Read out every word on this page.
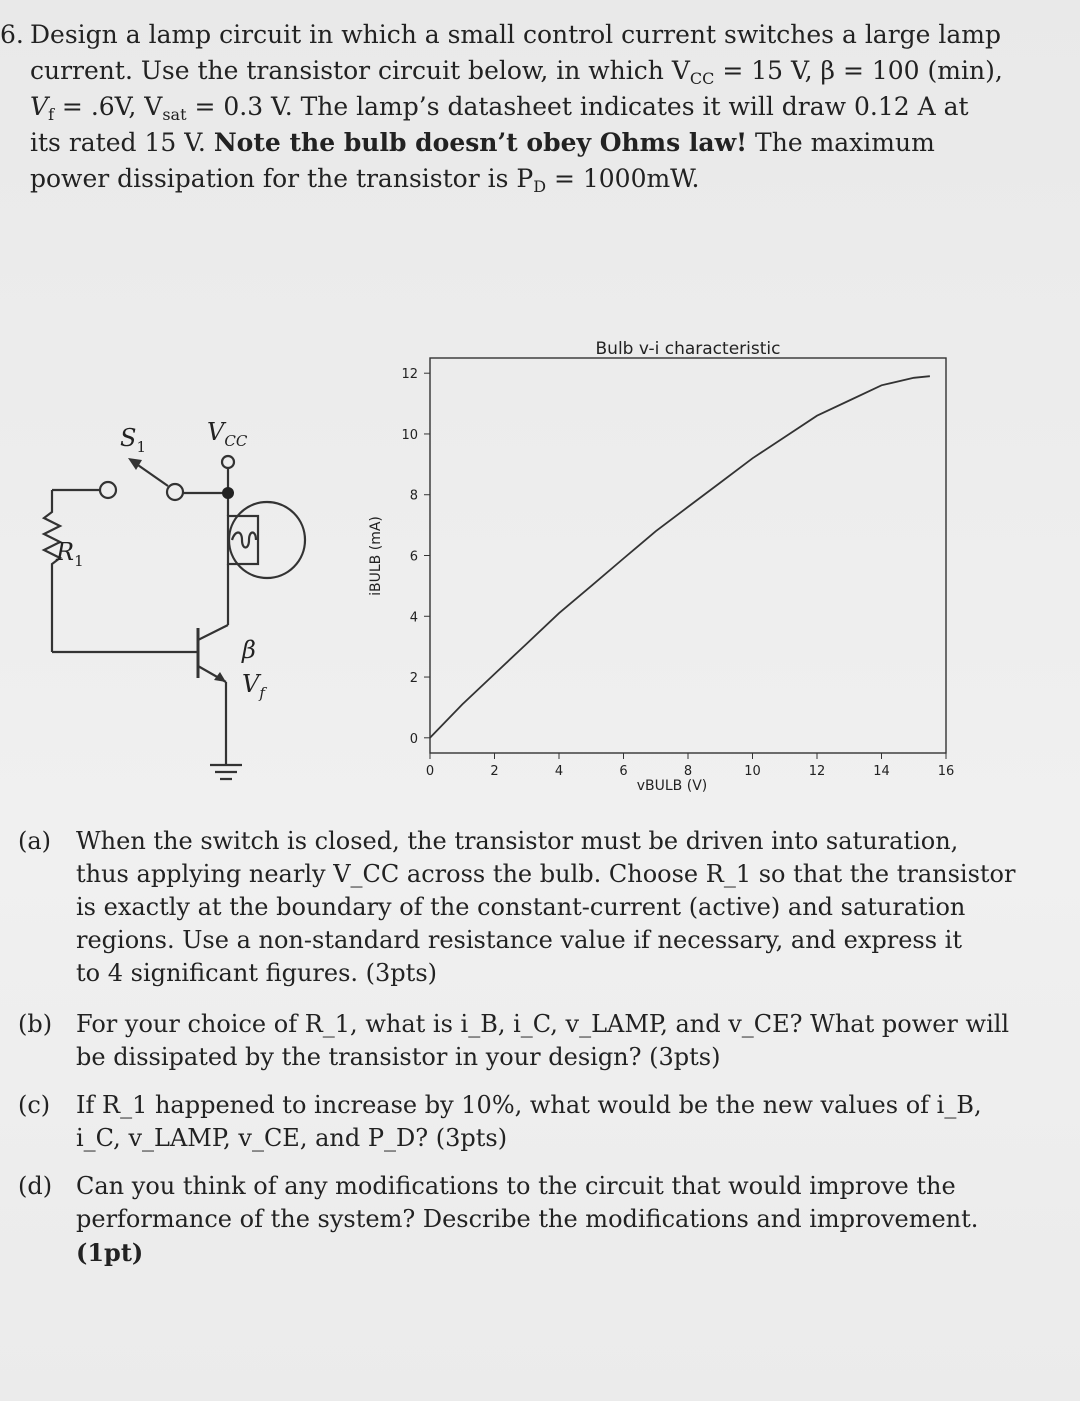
6. Design a lamp circuit in which a small control current switches a large lamp
current. Use the transistor circuit below, in which $V_{CC} = 15$ V, β = 100 (min),
$V_f = .6V$, $V_{sat} = 0.3$ V. The lamp’s datasheet indicates it will draw 0.12 A at
its rated 15 V. Note the bulb doesn’t obey Ohms law! The maximum
power dissipation for the transistor is $P_D = 1000mW$.
$R_1$
$S_1$
$V_{CC}$
β
$V_f$
Bulb v-i characteristic
0	2	4	6	8	10	12	14	16
0
2
4
6
8
10
12
vBULB (V)
iBULB (mA)
(a) When the switch is closed, the transistor must be driven into saturation,
thus applying nearly V_CC across the bulb. Choose R_1 so that the transistor
is exactly at the boundary of the constant-current (active) and saturation
regions. Use a non-standard resistance value if necessary, and express it
to 4 significant figures. (3pts)
(b) For your choice of R_1, what is i_B, i_C, v_LAMP, and v_CE? What power will
be dissipated by the transistor in your design? (3pts)
(c) If R_1 happened to increase by 10%, what would be the new values of i_B,
i_C, v_LAMP, v_CE, and P_D? (3pts)
(d) Can you think of any modifications to the circuit that would improve the
performance of the system? Describe the modifications and improvement.
(1pt)
